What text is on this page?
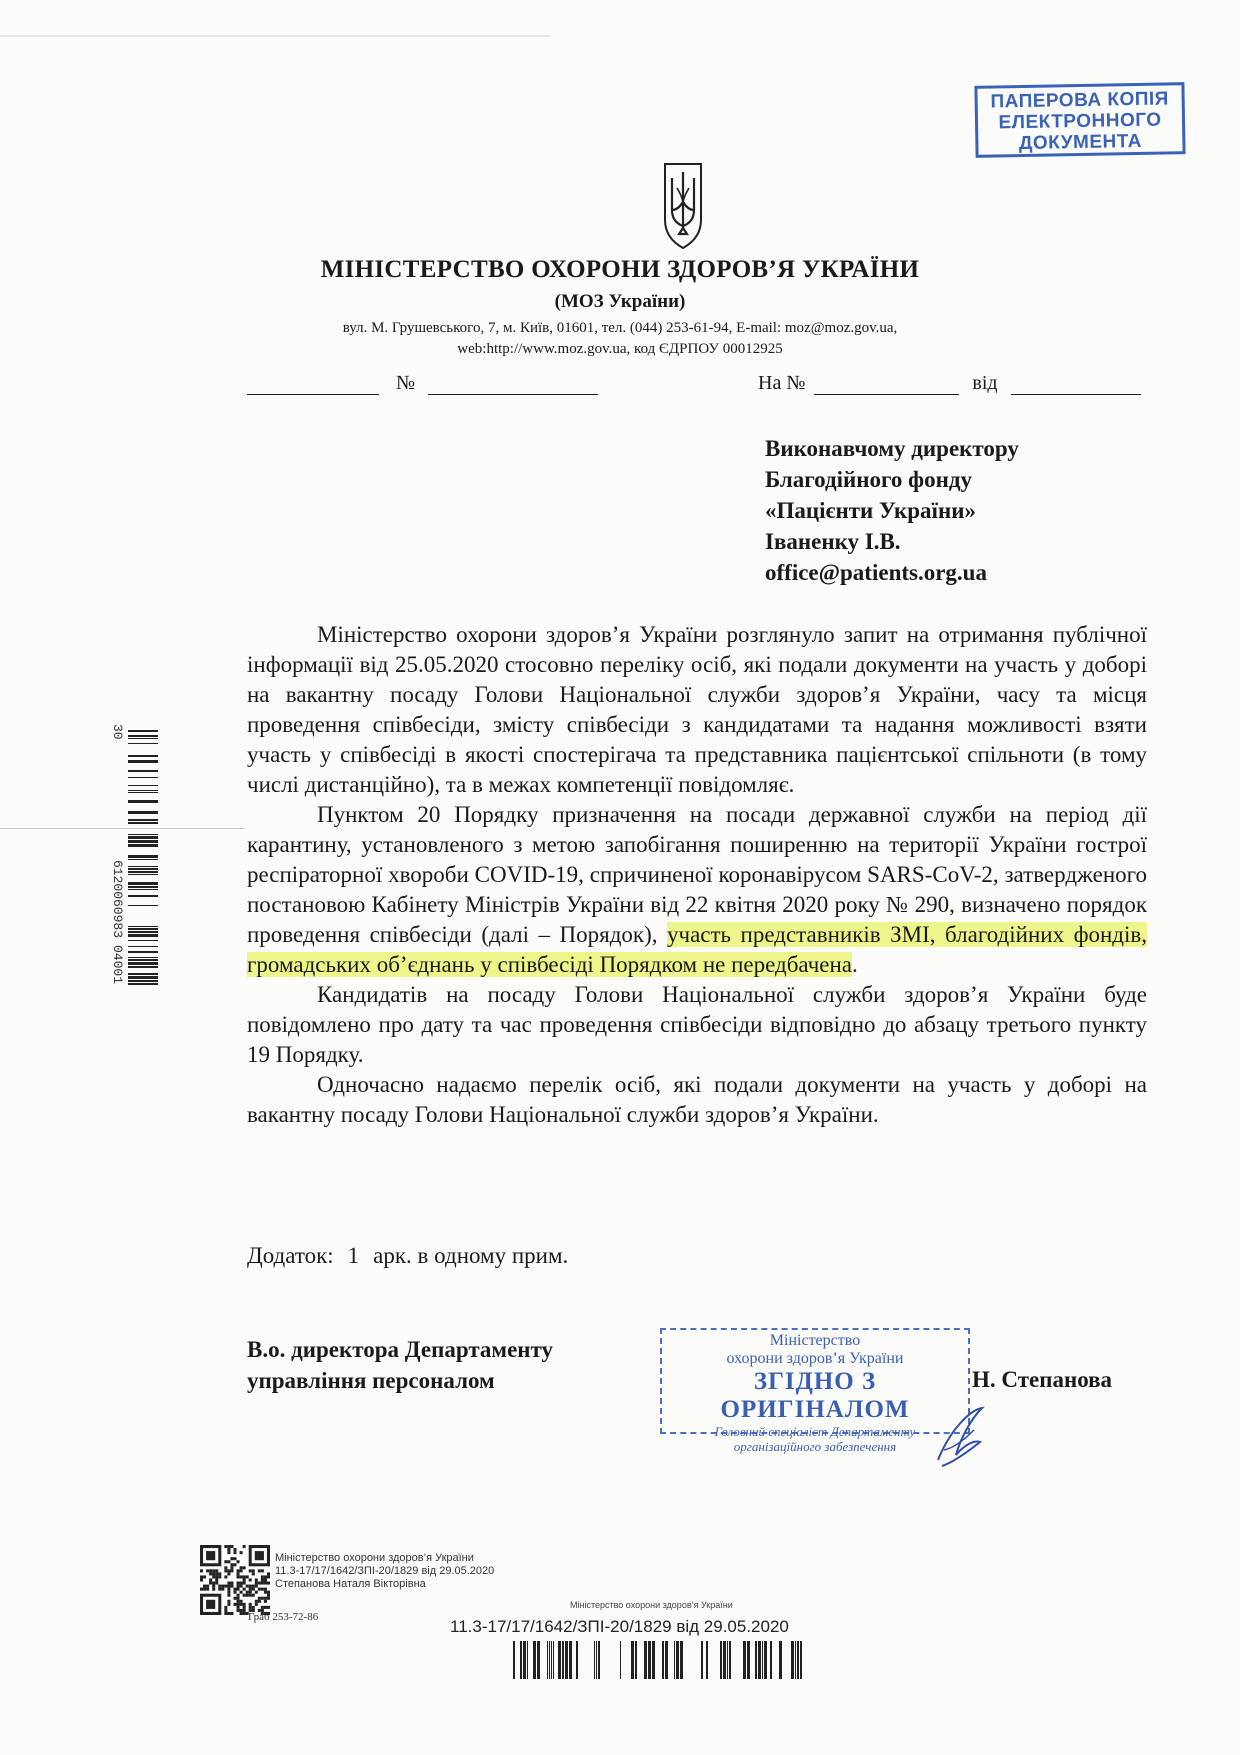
ПАПЕРОВА КОПІЯ
ЕЛЕКТРОННОГО
ДОКУМЕНТА
МІНІСТЕРСТВО ОХОРОНИ ЗДОРОВ’Я УКРАЇНИ
(МОЗ України)
вул. М. Грушевського, 7, м. Київ, 01601, тел. (044) 253-61-94, E-mail: moz@moz.gov.ua,
web:http://www.moz.gov.ua, код ЄДРПОУ 00012925
№	На №	від
Виконавчому директору
Благодійного фонду
«Пацієнти України»
Іваненку І.В.
office@patients.org.ua
30
6120060983
04001

Міністерство охорони здоров’я України розглянуло запит на отримання публічної інформації від 25.05.2020 стосовно переліку осіб, які подали документи на участь у доборі на вакантну посаду Голови Національної служби здоров’я України, часу та місця проведення співбесіди, змісту співбесіди з кандидатами та надання можливості взяти участь у співбесіді в якості спостерігача та представника пацієнтської спільноти (в тому числі дистанційно), та в межах компетенції повідомляє.

Пунктом 20 Порядку призначення на посади державної служби на період дії карантину, установленого з метою запобігання поширенню на території України гострої респіраторної хвороби COVID-19, спричиненої коронавірусом SARS-CoV-2, затвердженого постановою Кабінету Міністрів України від 22 квітня 2020 року № 290, визначено порядок проведення співбесіди (далі – Порядок), участь представників ЗМІ, благодійних фондів, громадських об’єднань у співбесіді Порядком не передбачена.

Кандидатів на посаду Голови Національної служби здоров’я України буде повідомлено про дату та час проведення співбесіди відповідно до абзацу третього пункту 19 Порядку.

Одночасно надаємо перелік осіб, які подали документи на участь у доборі на вакантну посаду Голови Національної служби здоров’я України.

Додаток: 1 арк. в одному прим.
В.о. директора Департаменту
управління персоналом
Міністерство
охорони здоров’я України
ЗГІДНО З ОРИГІНАЛОМ
Головний спеціаліст Департаменту
організаційного забезпечення
Н. Степанова
Міністерство охорони здоров’я України
11.3-17/17/1642/ЗПІ-20/1829 від 29.05.2020
Степанова Наталя Вікторівна
Граб 253-72-86
Міністерство охорони здоров’я України
11.3-17/17/1642/ЗПІ-20/1829 від 29.05.2020
